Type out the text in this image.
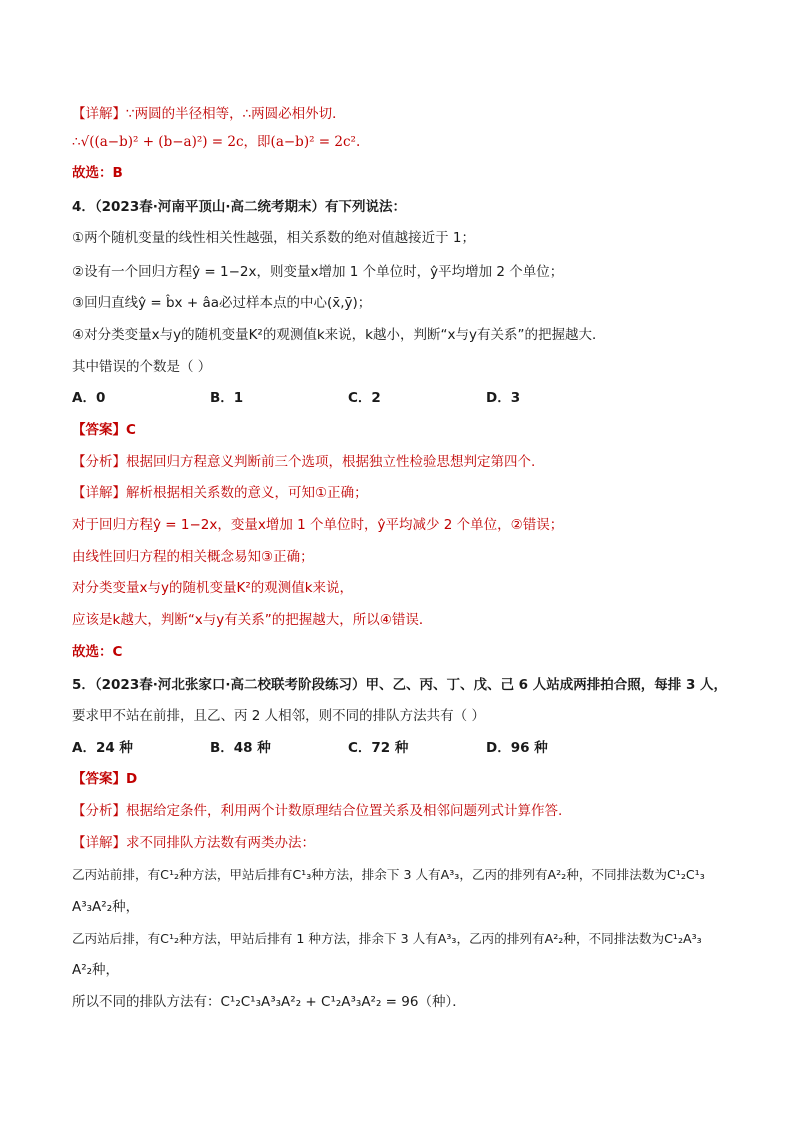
【详解】∵两圆的半径相等，∴两圆必相外切．
∴√((a−b)² + (b−a)²) = 2c，即(a−b)² = 2c².
故选：B
4．（2023春·河南平顶山·高二统考期末）有下列说法：
①两个随机变量的线性相关性越强，相关系数的绝对值越接近于 1；
②设有一个回归方程ŷ = 1−2x，则变量x增加 1 个单位时，ŷ平均增加 2 个单位；
③回归直线ŷ = b̂x + âa必过样本点的中心(x̄,ȳ)；
④对分类变量x与y的随机变量K²的观测值k来说，k越小，判断“x与y有关系”的把握越大．
其中错误的个数是（ ）
A．0	B．1	C．2	D．3
【答案】C
【分析】根据回归方程意义判断前三个选项，根据独立性检验思想判定第四个.
【详解】解析根据相关系数的意义，可知①正确；
对于回归方程ŷ = 1−2x，变量x增加 1 个单位时，ŷ平均减少 2 个单位，②错误；
由线性回归方程的相关概念易知③正确；
对分类变量x与y的随机变量K²的观测值k来说，
应该是k越大，判断“x与y有关系”的把握越大，所以④错误．
故选：C
5．（2023春·河北张家口·高二校联考阶段练习）甲、乙、丙、丁、戊、己 6 人站成两排拍合照，每排 3 人，
要求甲不站在前排，且乙、丙 2 人相邻，则不同的排队方法共有（ ）
A．24 种	B．48 种	C．72 种	D．96 种
【答案】D
【分析】根据给定条件，利用两个计数原理结合位置关系及相邻问题列式计算作答.
【详解】求不同排队方法数有两类办法：
乙丙站前排，有C¹₂种方法，甲站后排有C¹₃种方法，排余下 3 人有A³₃，乙丙的排列有A²₂种，不同排法数为C¹₂C¹₃
A³₃A²₂种，
乙丙站后排，有C¹₂种方法，甲站后排有 1 种方法，排余下 3 人有A³₃，乙丙的排列有A²₂种，不同排法数为C¹₂A³₃
A²₂种，
所以不同的排队方法有：C¹₂C¹₃A³₃A²₂ + C¹₂A³₃A²₂ = 96（种）．
